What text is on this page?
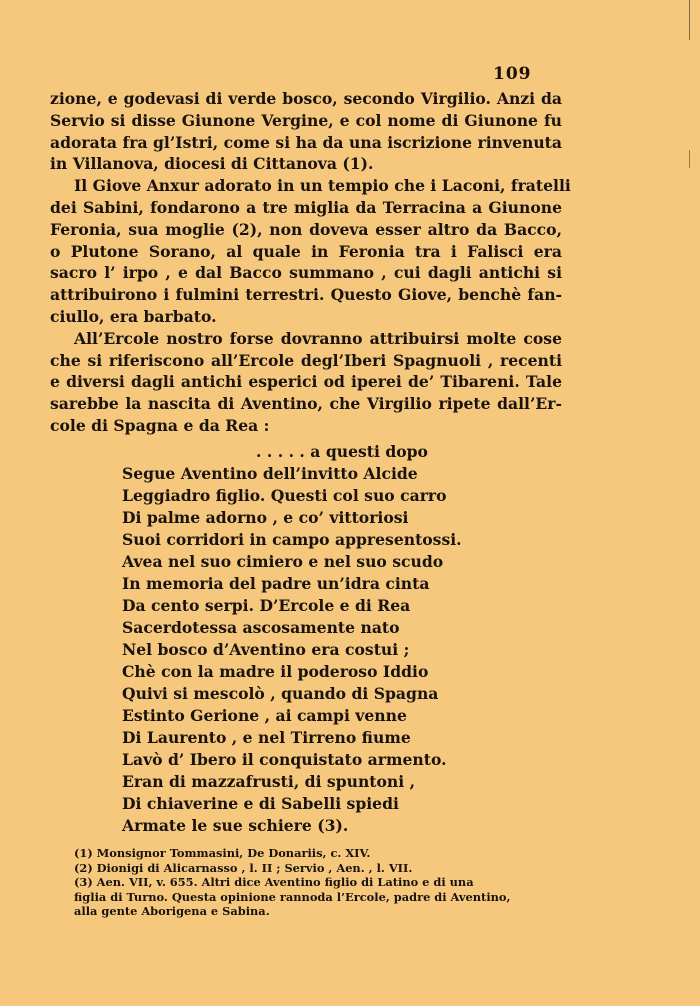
109
zione, e godevasi di verde bosco, secondo Virgilio. Anzi da
Servio si disse Giunone Vergine, e col nome di Giunone fu
adorata fra gl’Istri, come si ha da una iscrizione rinvenuta
in Villanova, diocesi di Cittanova (1).
Il Giove Anxur adorato in un tempio che i Laconi, fratelli
dei Sabini, fondarono a tre miglia da Terracina a Giunone
Feronia, sua moglie (2), non doveva esser altro da Bacco,
o Plutone Sorano, al quale in Feronia tra i Falisci era
sacro l’ irpo , e dal Bacco summano , cui dagli antichi si
attribuirono i fulmini terrestri. Questo Giove, benchè fan-
ciullo, era barbato.
All’Ercole nostro forse dovranno attribuirsi molte cose
che si riferiscono all’Ercole degl’Iberi Spagnuoli , recenti
e diversi dagli antichi esperici od iperei de’ Tibareni. Tale
sarebbe la nascita di Aventino, che Virgilio ripete dall’Er-
cole di Spagna e da Rea :
. . . . . a questi dopo
Segue Aventino dell’invitto Alcide
Leggiadro figlio. Questi col suo carro
Di palme adorno , e co’ vittoriosi
Suoi corridori in campo appresentossi.
Avea nel suo cimiero e nel suo scudo
In memoria del padre un’idra cinta
Da cento serpi. D’Ercole e di Rea
Sacerdotessa ascosamente nato
Nel bosco d’Aventino era costui ;
Chè con la madre il poderoso Iddio
Quivi si mescolò , quando di Spagna
Estinto Gerione , ai campi venne
Di Laurento , e nel Tirreno fiume
Lavò d’ Ibero il conquistato armento.
Eran di mazzafrusti, di spuntoni ,
Di chiaverine e di Sabelli spiedi
Armate le sue schiere (3).
(1) Monsignor Tommasini, De Donariis, c. XIV.
(2) Dionigi di Alicarnasso , l. II ; Servio , Aen. , l. VII.
(3) Aen. VII, v. 655. Altri dice Aventino figlio di Latino e di una
figlia di Turno. Questa opinione rannoda l’Ercole, padre di Aventino,
alla gente Aborigena e Sabina.
